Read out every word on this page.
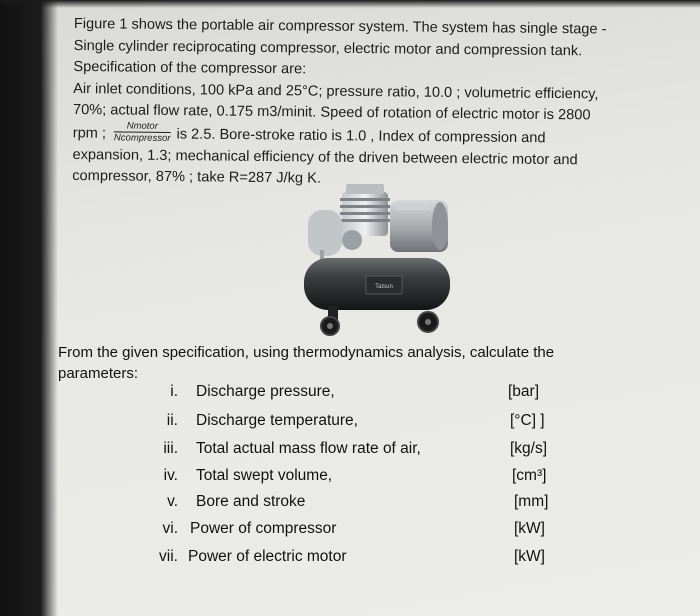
Figure 1 shows the portable air compressor system. The system has single stage -
Single cylinder reciprocating compressor, electric motor and compression tank.
Specification of the compressor are:
Air inlet conditions, 100 kPa and 25°C; pressure ratio, 10.0 ; volumetric efficiency,
70%; actual flow rate, 0.175 m3/minit. Speed of rotation of electric motor is 2800
rpm ; $\frac{\text{Nmotor}}{\text{Ncompressor}}$ is 2.5. Bore-stroke ratio is 1.0 , Index of compression and
expansion, 1.3; mechanical efficiency of the driven between electric motor and
compressor, 87% ; take R=287 J/kg K.
Tatsun
From the given specification, using thermodynamics analysis, calculate the
parameters:
i. Discharge pressure,	[bar]
ii. Discharge temperature,	[°C] ]
iii. Total actual mass flow rate of air,	[kg/s]
iv. Total swept volume,	[cm³]
v. Bore and stroke	[mm]
vi. Power of compressor	[kW]
vii. Power of electric motor	[kW]
